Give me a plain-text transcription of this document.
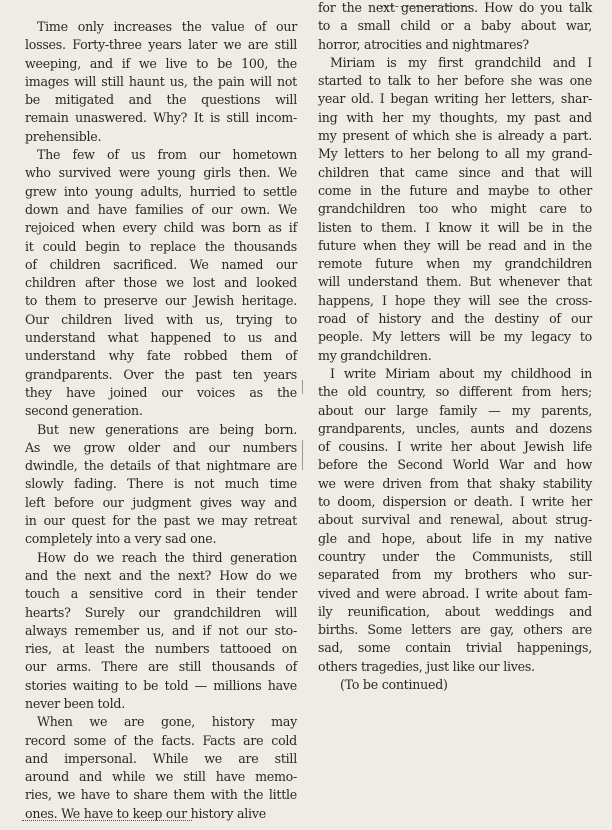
Time only increases the value of our
losses. Forty-three years later we are still
weeping, and if we live to be 100, the
images will still haunt us, the pain will not
be mitigated and the questions will
remain unaswered. Why? It is still incom-
prehensible.
The few of us from our hometown
who survived were young girls then. We
grew into young adults, hurried to settle
down and have families of our own. We
rejoiced when every child was born as if
it could begin to replace the thousands
of children sacrificed. We named our
children after those we lost and looked
to them to preserve our Jewish heritage.
Our children lived with us, trying to
understand what happened to us and
understand why fate robbed them of
grandparents. Over the past ten years
they have joined our voices as the
second generation.
But new generations are being born.
As we grow older and our numbers
dwindle, the details of that nightmare are
slowly fading. There is not much time
left before our judgment gives way and
in our quest for the past we may retreat
completely into a very sad one.
How do we reach the third generation
and the next and the next? How do we
touch a sensitive cord in their tender
hearts? Surely our grandchildren will
always remember us, and if not our sto-
ries, at least the numbers tattooed on
our arms. There are still thousands of
stories waiting to be told — millions have
never been told.
When we are gone, history may
record some of the facts. Facts are cold
and impersonal. While we are still
around and while we still have memo-
ries, we have to share them with the little
ones. We have to keep our history alive
for the next generations. How do you talk
to a small child or a baby about war,
horror, atrocities and nightmares?
Miriam is my first grandchild and I
started to talk to her before she was one
year old. I began writing her letters, shar-
ing with her my thoughts, my past and
my present of which she is already a part.
My letters to her belong to all my grand-
children that came since and that will
come in the future and maybe to other
grandchildren too who might care to
listen to them. I know it will be in the
future when they will be read and in the
remote future when my grandchildren
will understand them. But whenever that
happens, I hope they will see the cross-
road of history and the destiny of our
people. My letters will be my legacy to
my grandchildren.
I write Miriam about my childhood in
the old country, so different from hers;
about our large family — my parents,
grandparents, uncles, aunts and dozens
of cousins. I write her about Jewish life
before the Second World War and how
we were driven from that shaky stability
to doom, dispersion or death. I write her
about survival and renewal, about strug-
gle and hope, about life in my native
country under the Communists, still
separated from my brothers who sur-
vived and were abroad. I write about fam-
ily reunification, about weddings and
births. Some letters are gay, others are
sad, some contain trivial happenings,
others tragedies, just like our lives.
(To be continued)
